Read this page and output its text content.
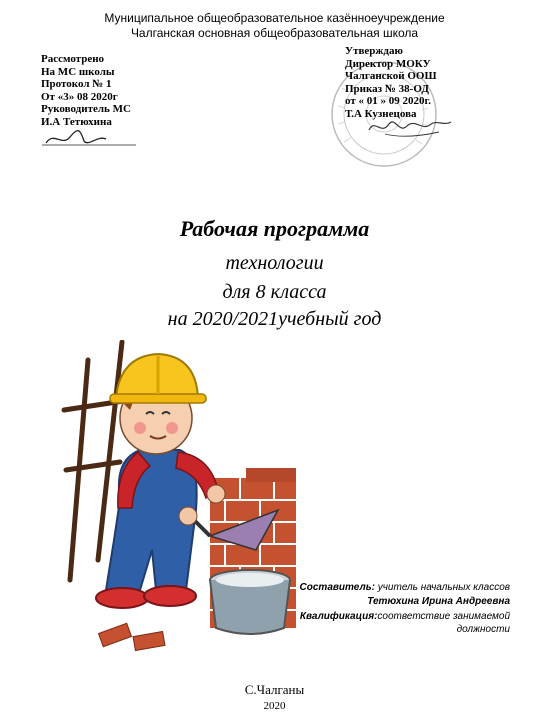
Муниципальное общеобразовательное казённоеучреждение
Чалганская основная общеобразовательная школа
Рассмотрено
На МС школы
Протокол № 1
От «3» 08 2020г
Руководитель МС
И.А Тетюхина
Утверждаю
Директор МОКУ
Чалганской ООШ
Приказ № 38-ОД
от « 01 » 09 2020г.
Т.А Кузнецова
Рабочая программа
технологии
для 8 класса
на 2020/2021учебный год
Составитель: учитель начальных классов
Тетюхина Ирина Андреевна
Квалификация:соответствие занимаемой
должности
С.Чалганы
2020
